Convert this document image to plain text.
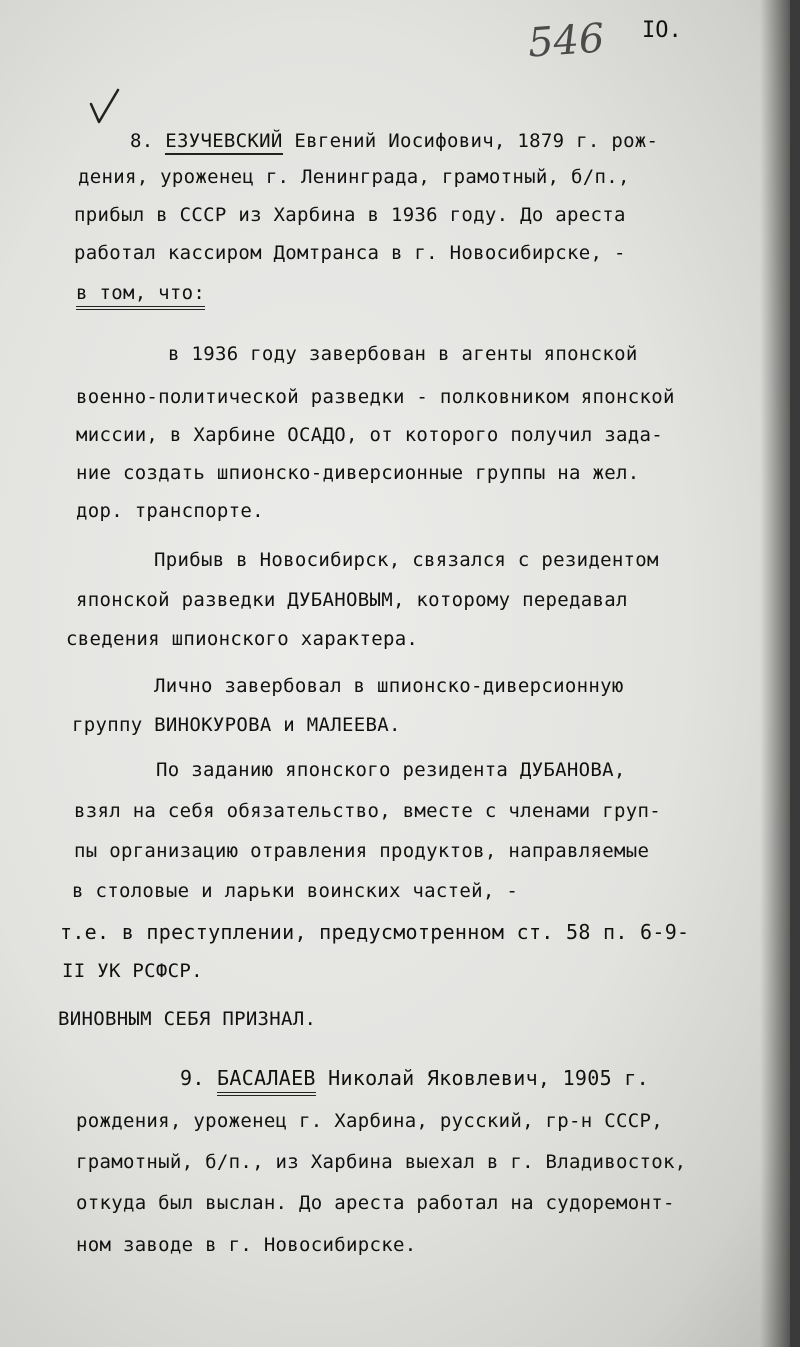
546 IO.

8. ЕЗУЧЕВСКИЙ Евгений Иосифович, 1879 г. рож-

дения, уроженец г. Ленинграда, грамотный, б/п.,

прибыл в СССР из Харбина в 1936 году. До ареста

работал кассиром Домтранса в г. Новосибирске, -

в том, что:

в 1936 году завербован в агенты японской

военно-политической разведки - полковником японской

миссии, в Харбине ОСАДО, от которого получил зада-

ние создать шпионско-диверсионные группы на жел.

дор. транспорте.

Прибыв в Новосибирск, связался с резидентом

японской разведки ДУБАНОВЫМ, которому передавал

сведения шпионского характера.

Лично завербовал в шпионско-диверсионную

группу ВИНОКУРОВА и МАЛЕЕВА.

По заданию японского резидента ДУБАНОВА,

взял на себя обязательство, вместе с членами груп-

пы организацию отравления продуктов, направляемые

в столовые и ларьки воинских частей, -

т.е. в преступлении, предусмотренном ст. 58 п. 6-9-

II УК РСФСР.

ВИНОВНЫМ СЕБЯ ПРИЗНАЛ.

9. БАСАЛАЕВ Николай Яковлевич, 1905 г.

рождения, уроженец г. Харбина, русский, гр-н СССР,

грамотный, б/п., из Харбина выехал в г. Владивосток,

откуда был выслан. До ареста работал на судоремонт-

ном заводе в г. Новосибирске.
